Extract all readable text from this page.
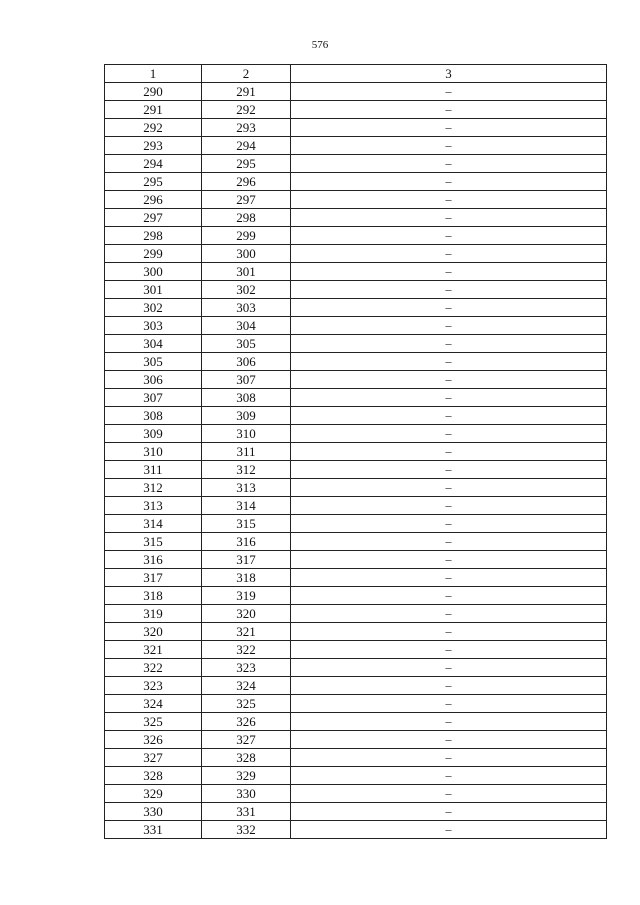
576
1	2	3
290	291	–
291	292	–
292	293	–
293	294	–
294	295	–
295	296	–
296	297	–
297	298	–
298	299	–
299	300	–
300	301	–
301	302	–
302	303	–
303	304	–
304	305	–
305	306	–
306	307	–
307	308	–
308	309	–
309	310	–
310	311	–
311	312	–
312	313	–
313	314	–
314	315	–
315	316	–
316	317	–
317	318	–
318	319	–
319	320	–
320	321	–
321	322	–
322	323	–
323	324	–
324	325	–
325	326	–
326	327	–
327	328	–
328	329	–
329	330	–
330	331	–
331	332	–
